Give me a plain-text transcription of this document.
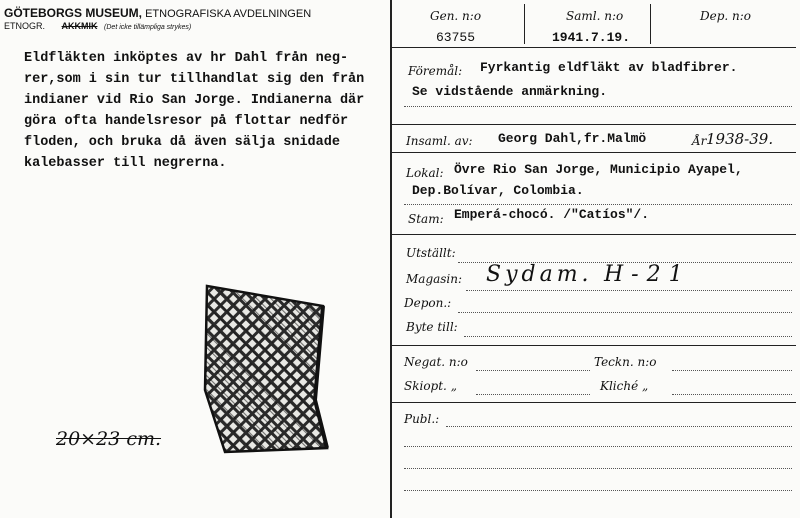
GÖTEBORGS MUSEUM, ETNOGRAFISKA AVDELNINGEN
ETNOGR. AKKMIK (Det icke tillämpliga strykes)
Eldfläkten inköptes av hr Dahl från neg-
rer,som i sin tur tillhandlat sig den från
indianer vid Rio San Jorge. Indianerna där
göra ofta handelsresor på flottar nedför
floden, och bruka då även sälja snidade
kalebasser till negrerna.
20×23 cm.
Gen. n:o
63755
Saml. n:o
1941.7.19.
Dep. n:o
Föremål: Fyrkantig eldfläkt av bladfibrer.
Se vidstående anmärkning.
Insaml. av: Georg Dahl,fr.Malmö	År 1938-39.
Lokal: Övre Rio San Jorge, Municipio Ayapel,
Dep.Bolívar, Colombia.
Stam: Emperá-chocó. /"Catíos"/.
Utställt:
Magasin: Sydam. H-21
Depon.:
Byte till:
Negat. n:o	Teckn. n:o
Skiopt. „	Kliché „
Publ.:
